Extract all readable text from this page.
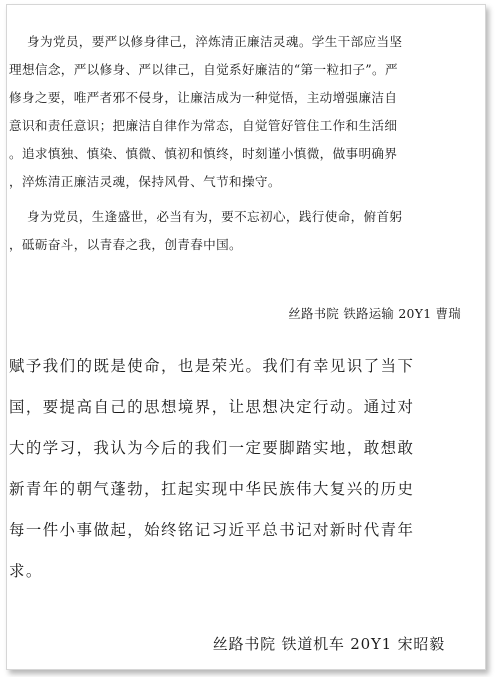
身为党员，要严以修身律己，淬炼清正廉洁灵魂。学生干部应当坚
理想信念，严以修身、严以律己，自觉系好廉洁的“第一粒扣子”。严
修身之要，唯严者邪不侵身，让廉洁成为一种觉悟，主动增强廉洁自
意识和责任意识；把廉洁自律作为常态，自觉管好管住工作和生活细
。追求慎独、慎染、慎微、慎初和慎终，时刻谨小慎微，做事明确界
，淬炼清正廉洁灵魂，保持风骨、气节和操守。
身为党员，生逢盛世，必当有为，要不忘初心，践行使命，俯首躬
，砥砺奋斗，以青春之我，创青春中国。
丝路书院 铁路运输 20Y1 曹瑞
赋予我们的既是使命，也是荣光。我们有幸见识了当下
国，要提高自己的思想境界，让思想决定行动。通过对
大的学习，我认为今后的我们一定要脚踏实地，敢想敢
新青年的朝气蓬勃，扛起实现中华民族伟大复兴的历史
每一件小事做起，始终铭记习近平总书记对新时代青年
求。
丝路书院 铁道机车 20Y1 宋昭毅
